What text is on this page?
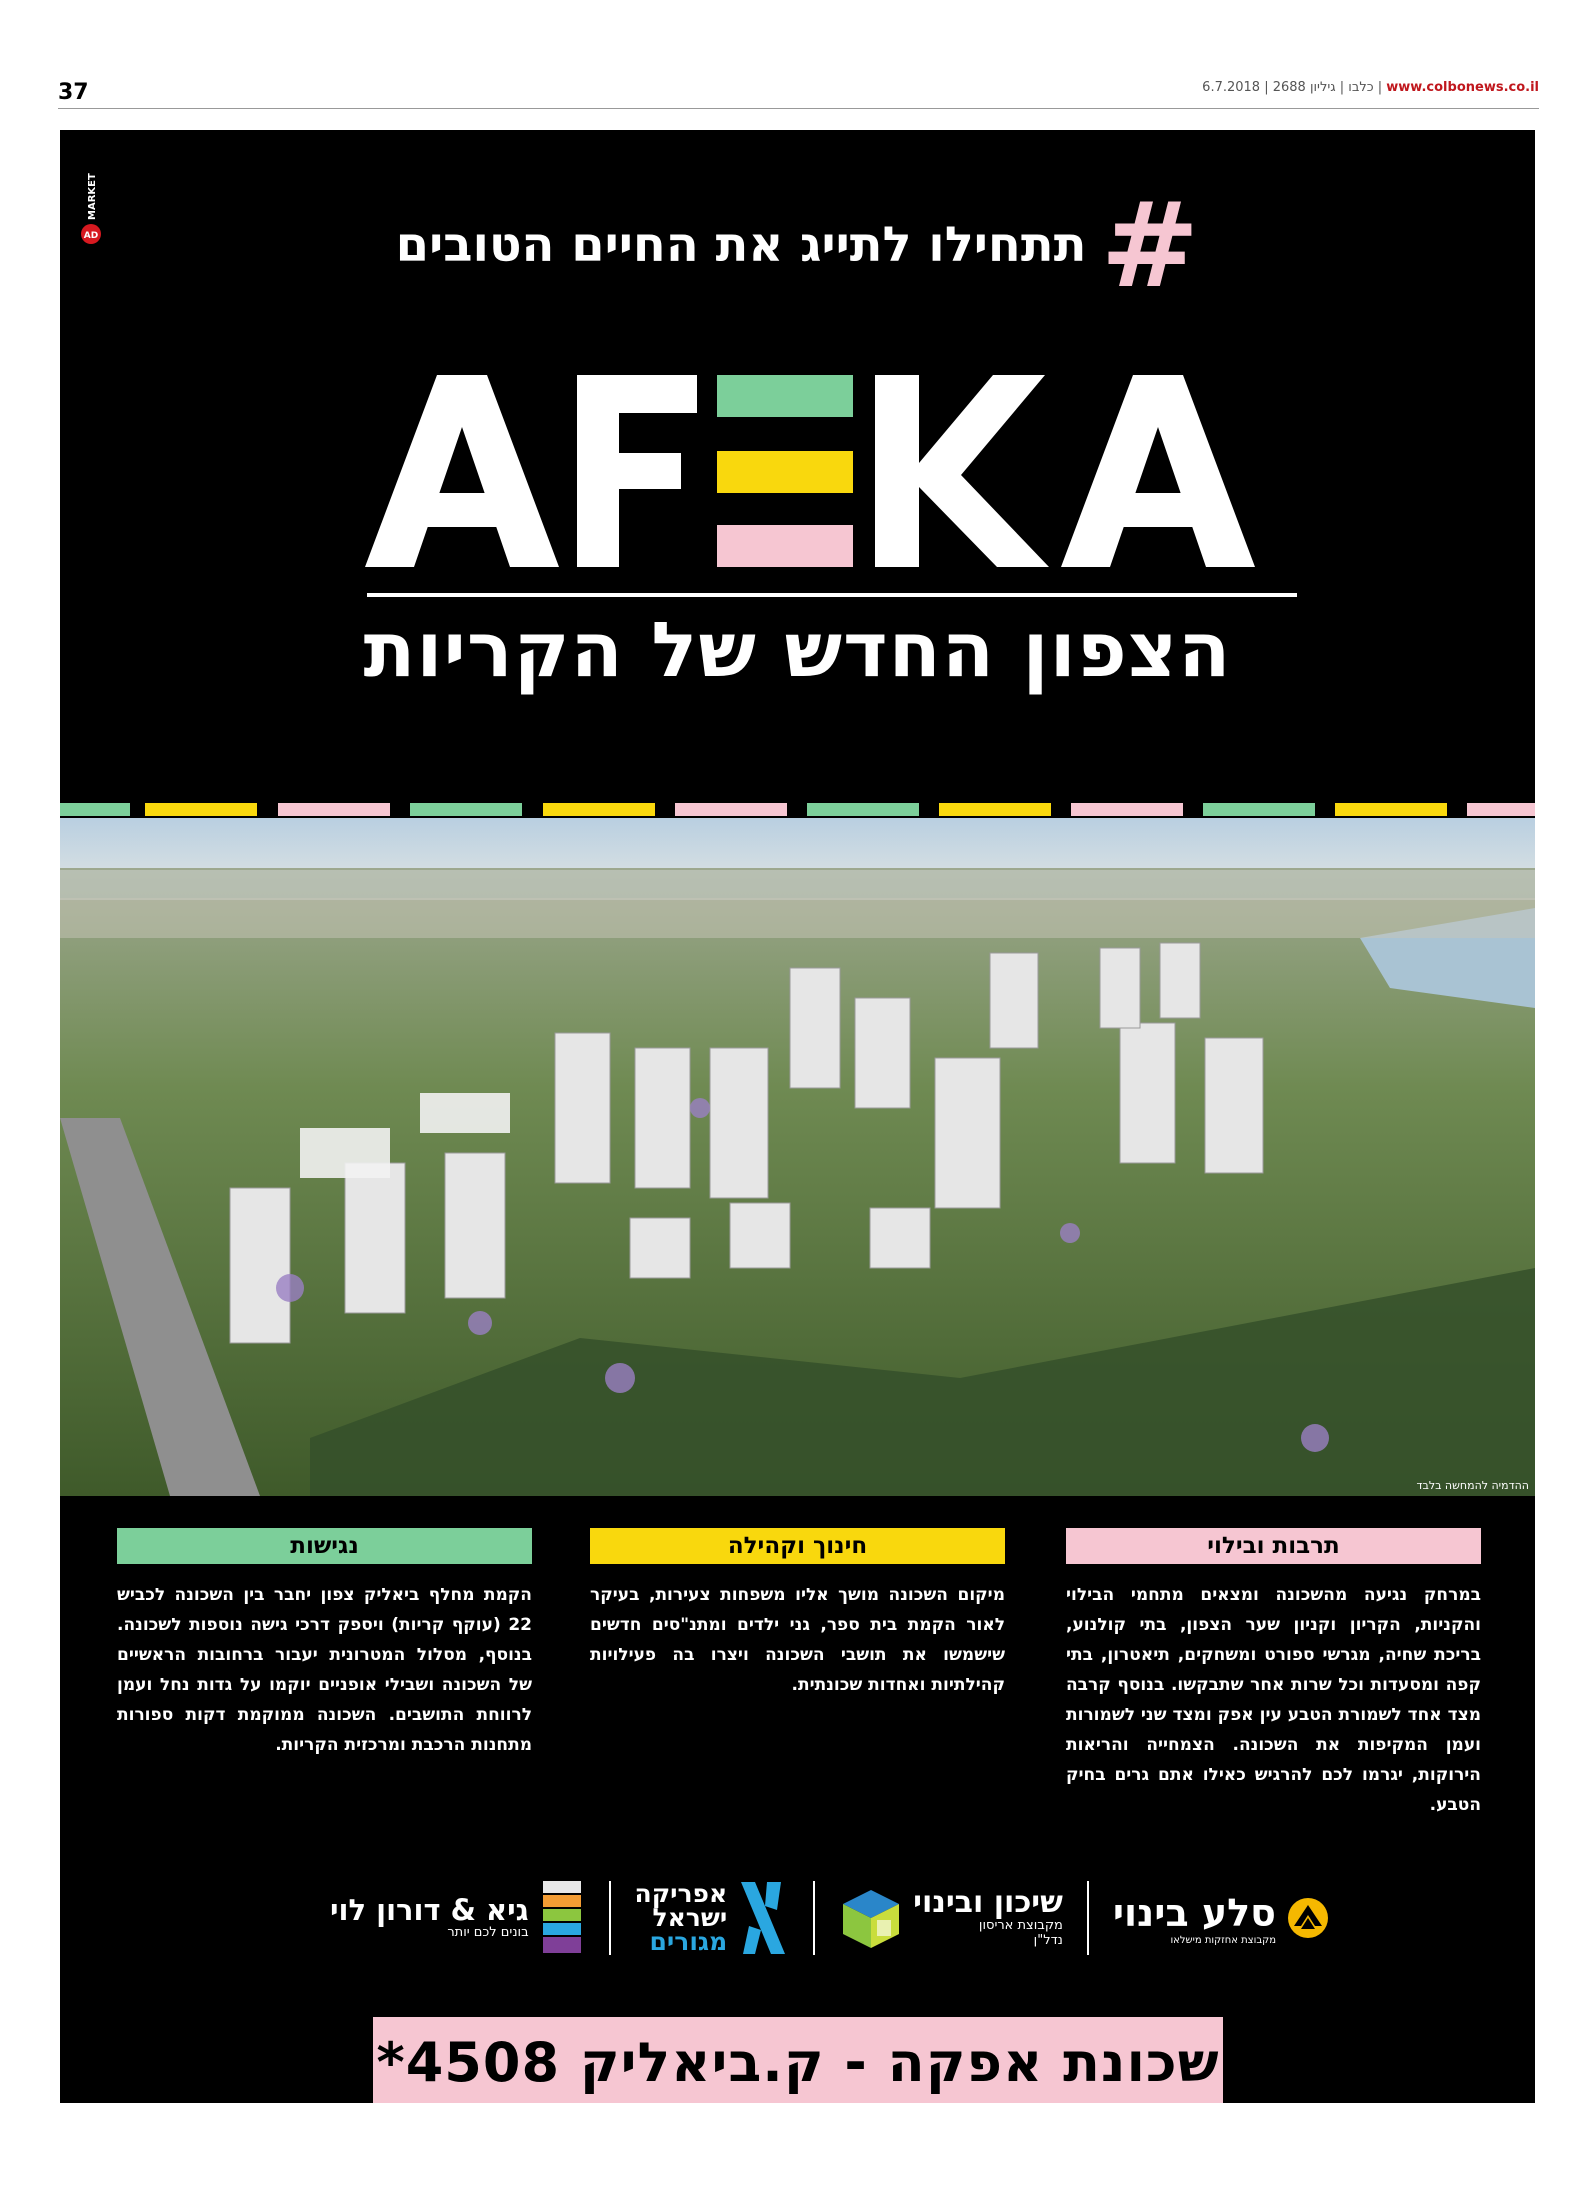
37	www.colbonews.co.il | כלבו | גיליון 2688 | 6.7.2018
AD
MARKET	#
תתחילו לתייג את החיים הטובים
הצפון החדש של הקריות
ההדמיה להמחשה בלבד
תרבות ובילוי
במרחק נגיעה מהשכונה ומצאים מתחמי הבילוי והקניות, הקריון וקניון שער הצפון, בתי קולנוע, בריכת שחיה, מגרשי ספורט ומשחקים, תיאטרון, בתי קפה ומסעדות וכל שרות אחר שתבקשו. בנוסף קרבה מצד אחד לשמורת הטבע עין אפק ומצד שני לשמורות ועמן המקיפות את השכונה. הצמחייה והריאות הירוקות, יגרמו לכם להרגיש כאילו אתם גרים בחיק הטבע.
חינוך וקהילה
מיקום השכונה מושך אליו משפחות צעירות, בעיקר לאור הקמת בית ספר, גני ילדים ומתנ"סים חדשים שישמשו את תושבי השכונה ויצרו בה פעילויות קהילתיות ואחדות שכונתית.
נגישות
הקמת מחלף ביאליק צפון יחבר בין השכונה לכביש 22 (עוקף קריות) ויספק דרכי גישה נוספות לשכונה. בנוסף, מסלול המטרונית יעבור ברחובות הראשיים של השכונה ושבילי אופניים יוקמו על גדות נחל ועמן לרווחת התושבים. השכונה ממוקמת דקות ספורות מתחנות הרכבת ומרכזית הקריות.
סלע בינוי
מקבוצת אחזקות מישלאו
שיכון ובינוי
מקבוצת אריסון
נדל"ן
אפריקה
ישראל
מגורים
גיא & דורון לוי
בונים לכם יותר
שכונת אפקה - ק.ביאליק 4508*
